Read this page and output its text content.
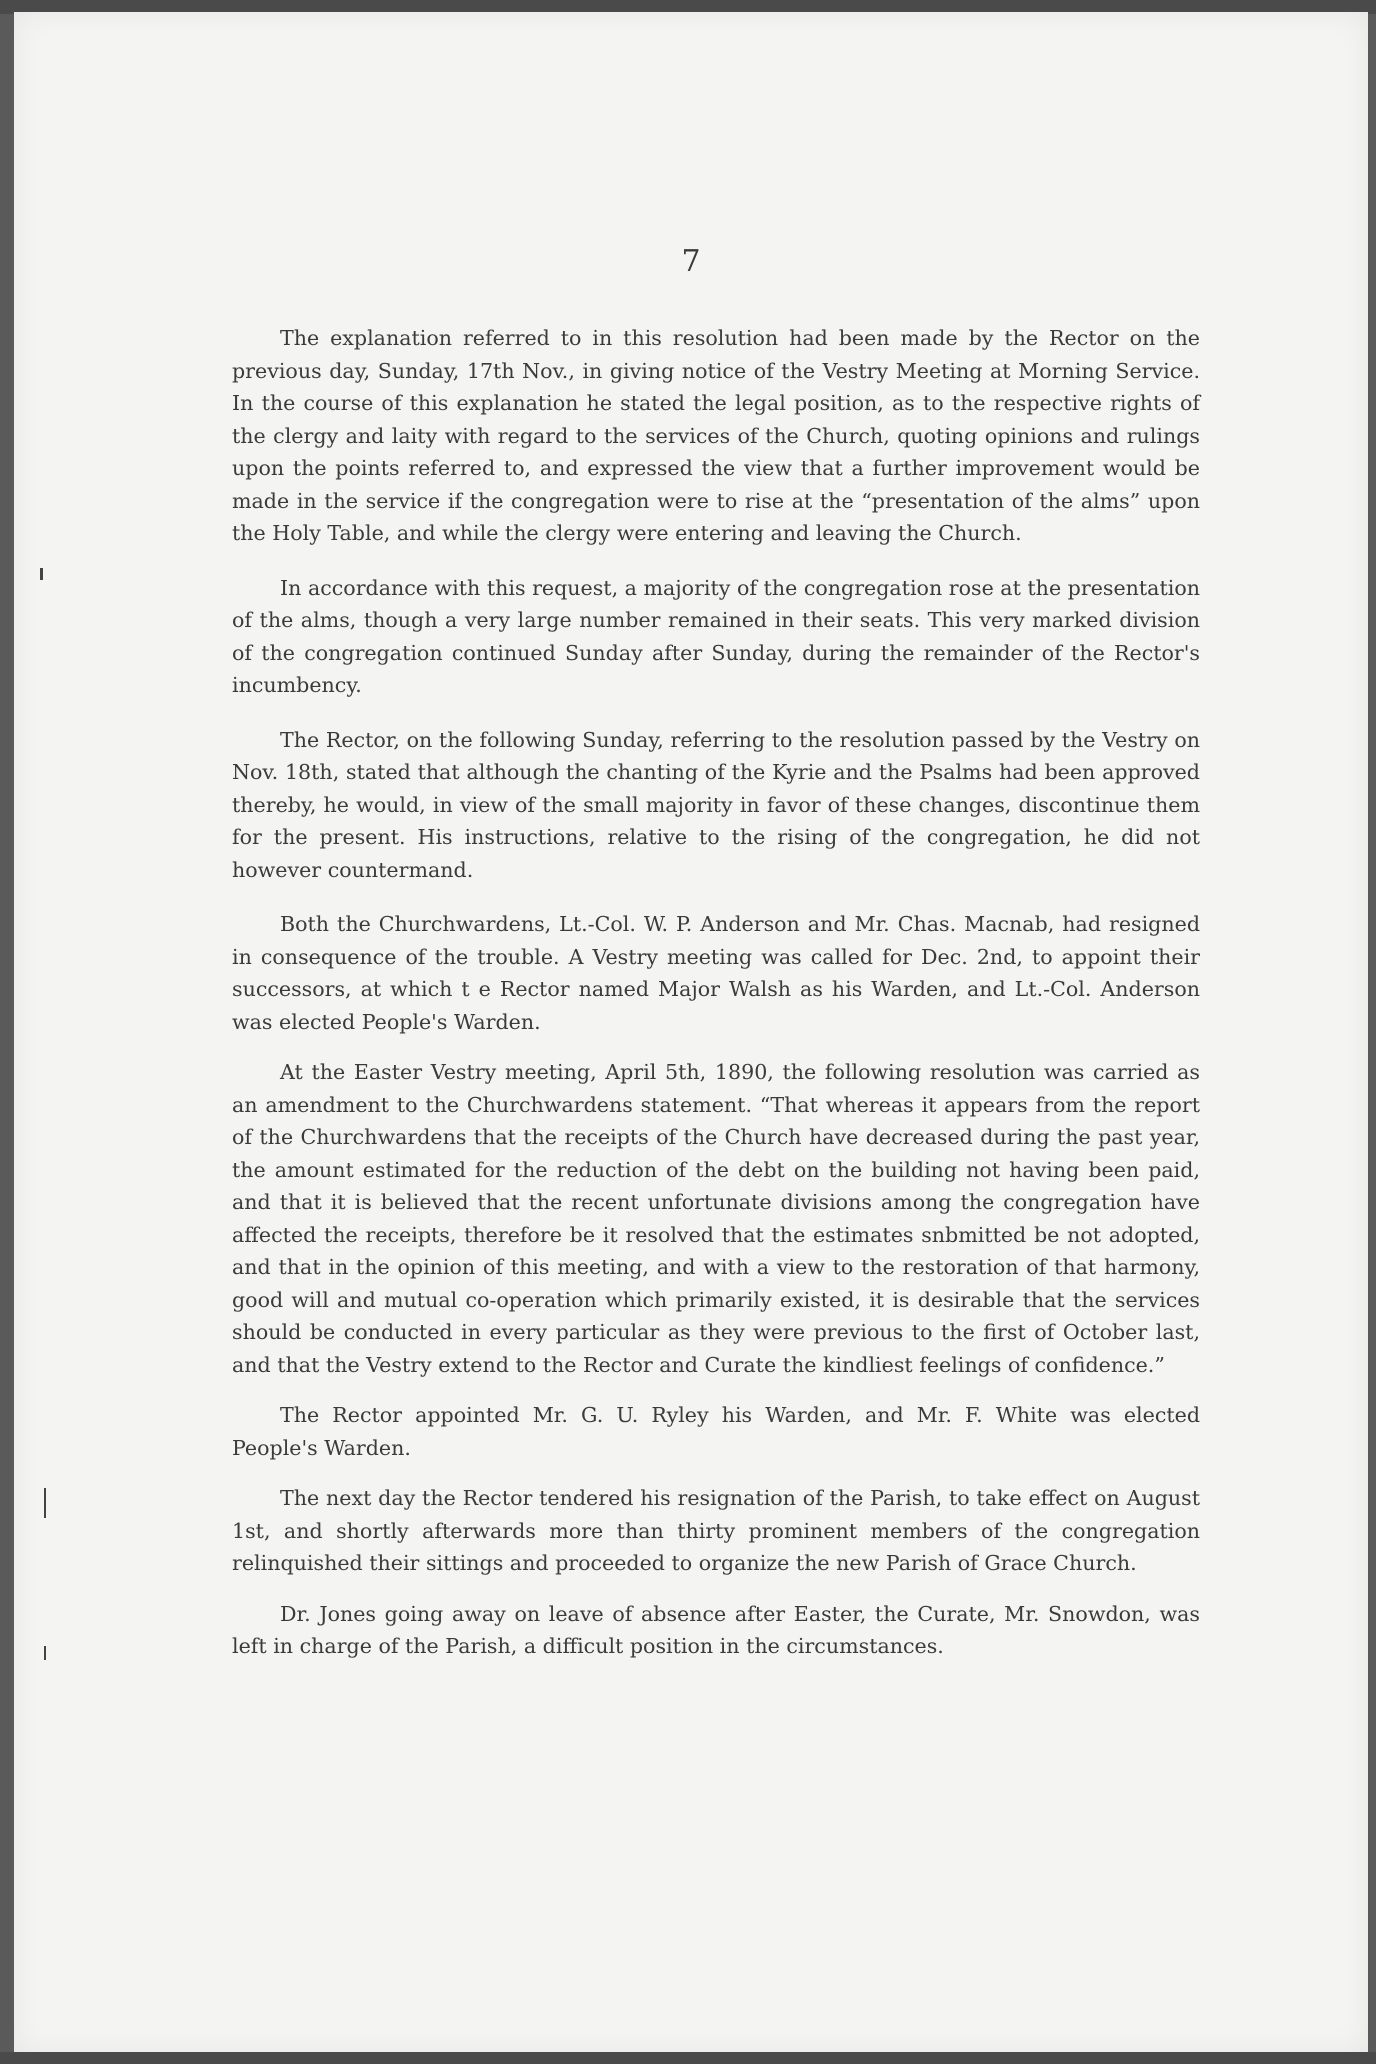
7

The explanation referred to in this resolution had been made by the Rector on the previous day, Sunday, 17th Nov., in giving notice of the Vestry Meeting at Morning Service. In the course of this explanation he stated the legal position, as to the respective rights of the clergy and laity with regard to the services of the Church, quoting opinions and rulings upon the points referred to, and expressed the view that a further improvement would be made in the service if the congregation were to rise at the “presentation of the alms” upon the Holy Table, and while the clergy were entering and leaving the Church.

In accordance with this request, a majority of the congregation rose at the presentation of the alms, though a very large number remained in their seats. This very marked division of the congregation continued Sunday after Sunday, during the remainder of the Rector's incumbency.

The Rector, on the following Sunday, referring to the resolution passed by the Vestry on Nov. 18th, stated that although the chanting of the Kyrie and the Psalms had been approved thereby, he would, in view of the small majority in favor of these changes, discontinue them for the present. His instructions, relative to the rising of the congregation, he did not however countermand.

Both the Churchwardens, Lt.-Col. W. P. Anderson and Mr. Chas. Macnab, had resigned in consequence of the trouble. A Vestry meeting was called for Dec. 2nd, to appoint their successors, at which t e Rector named Major Walsh as his Warden, and Lt.-Col. Anderson was elected People's Warden.

At the Easter Vestry meeting, April 5th, 1890, the following resolution was carried as an amendment to the Churchwardens statement. “That whereas it appears from the report of the Churchwardens that the receipts of the Church have decreased during the past year, the amount estimated for the reduction of the debt on the building not having been paid, and that it is believed that the recent unfortunate divisions among the congregation have affected the receipts, therefore be it resolved that the estimates snbmitted be not adopted, and that in the opinion of this meeting, and with a view to the restoration of that harmony, good will and mutual co-operation which primarily existed, it is desirable that the services should be conducted in every particular as they were previous to the first of October last, and that the Vestry extend to the Rector and Curate the kindliest feelings of confidence.”

The Rector appointed Mr. G. U. Ryley his Warden, and Mr. F. White was elected People's Warden.

The next day the Rector tendered his resignation of the Parish, to take effect on August 1st, and shortly afterwards more than thirty prominent members of the congregation relinquished their sittings and proceeded to organize the new Parish of Grace Church.

Dr. Jones going away on leave of absence after Easter, the Curate, Mr. Snowdon, was left in charge of the Parish, a difficult position in the circumstances.
